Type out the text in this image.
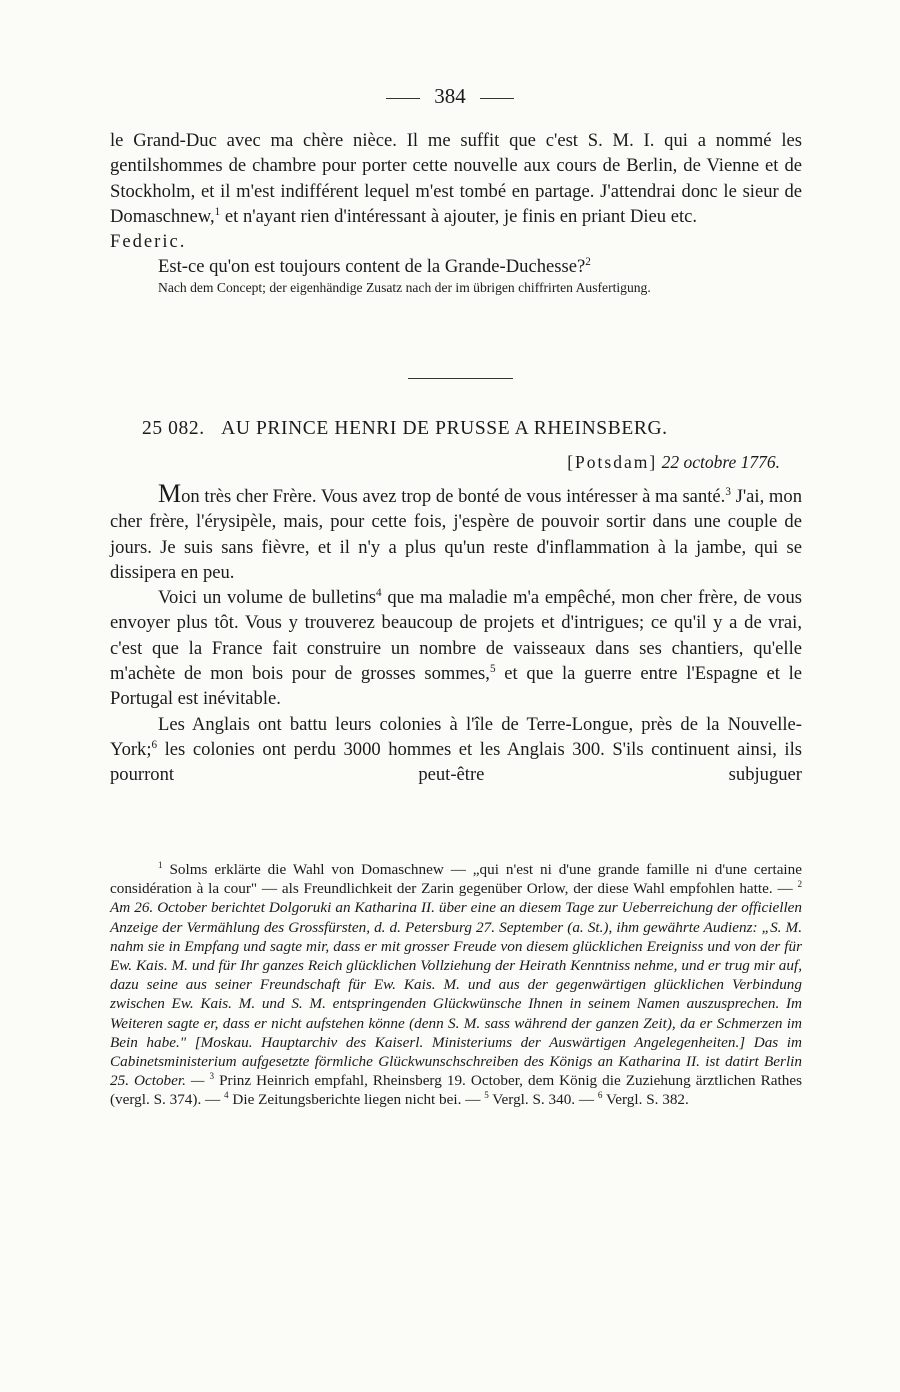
384

le Grand-Duc avec ma chère nièce. Il me suffit que c'est S. M. I. qui a nommé les gentilshommes de chambre pour porter cette nouvelle aux cours de Berlin, de Vienne et de Stockholm, et il m'est indifférent lequel m'est tombé en partage. J'attendrai donc le sieur de Domaschnew,$^1$ et n'ayant rien d'intéressant à ajouter, je finis en priant Dieu etc.

Federic.

Est-ce qu'on est toujours content de la Grande-Duchesse?$^2$

Nach dem Concept; der eigenhändige Zusatz nach der im übrigen chiffrirten Ausfertigung.

25 082. AU PRINCE HENRI DE PRUSSE A RHEINSBERG.
[Potsdam] 22 octobre 1776.

Mon très cher Frère. Vous avez trop de bonté de vous intéresser à ma santé.$^3$ J'ai, mon cher frère, l'érysipèle, mais, pour cette fois, j'espère de pouvoir sortir dans une couple de jours. Je suis sans fièvre, et il n'y a plus qu'un reste d'inflammation à la jambe, qui se dissipera en peu.

Voici un volume de bulletins$^4$ que ma maladie m'a empêché, mon cher frère, de vous envoyer plus tôt. Vous y trouverez beaucoup de projets et d'intrigues; ce qu'il y a de vrai, c'est que la France fait construire un nombre de vaisseaux dans ses chantiers, qu'elle m'achète de mon bois pour de grosses sommes,$^5$ et que la guerre entre l'Espagne et le Portugal est inévitable.

Les Anglais ont battu leurs colonies à l'île de Terre-Longue, près de la Nouvelle-York;$^6$ les colonies ont perdu 3000 hommes et les Anglais 300. S'ils continuent ainsi, ils pourront peut-être subjuguer

$^1$ Solms erklärte die Wahl von Domaschnew — „qui n'est ni d'une grande famille ni d'une certaine considération à la cour" — als Freundlichkeit der Zarin gegenüber Orlow, der diese Wahl empfohlen hatte. — $^2$ Am 26. October berichtet Dolgoruki an Katharina II. über eine an diesem Tage zur Ueberreichung der officiellen Anzeige der Vermählung des Grossfürsten, d. d. Petersburg 27. September (a. St.), ihm gewährte Audienz: „S. M. nahm sie in Empfang und sagte mir, dass er mit grosser Freude von diesem glücklichen Ereigniss und von der für Ew. Kais. M. und für Ihr ganzes Reich glücklichen Vollziehung der Heirath Kenntniss nehme, und er trug mir auf, dazu seine aus seiner Freundschaft für Ew. Kais. M. und aus der gegenwärtigen glücklichen Verbindung zwischen Ew. Kais. M. und S. M. entspringenden Glückwünsche Ihnen in seinem Namen auszusprechen. Im Weiteren sagte er, dass er nicht aufstehen könne (denn S. M. sass während der ganzen Zeit), da er Schmerzen im Bein habe." [Moskau. Hauptarchiv des Kaiserl. Ministeriums der Auswärtigen Angelegenheiten.] Das im Cabinetsministerium aufgesetzte förmliche Glückwunschschreiben des Königs an Katharina II. ist datirt Berlin 25. October. — $^3$ Prinz Heinrich empfahl, Rheinsberg 19. October, dem König die Zuziehung ärztlichen Rathes (vergl. S. 374). — $^4$ Die Zeitungsberichte liegen nicht bei. — $^5$ Vergl. S. 340. — $^6$ Vergl. S. 382.
